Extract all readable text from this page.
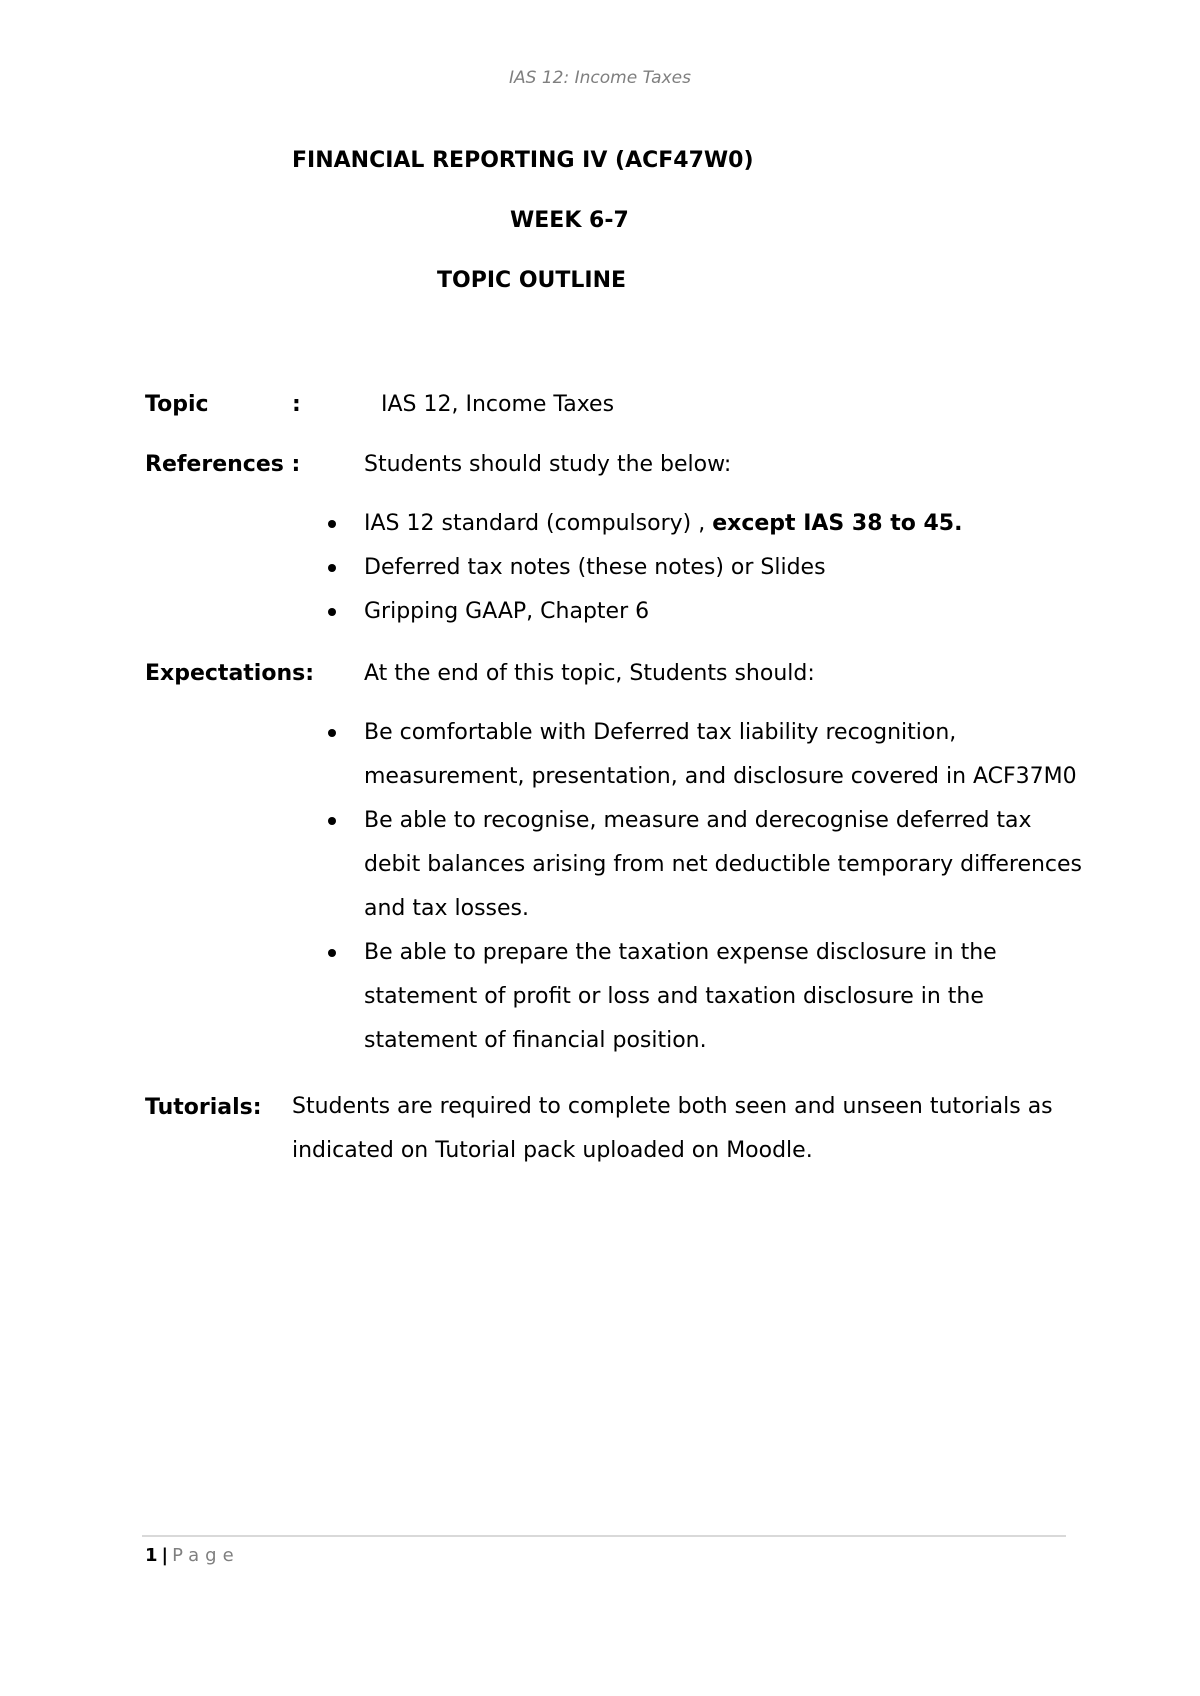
IAS 12: Income Taxes
FINANCIAL REPORTING IV (ACF47W0)
WEEK 6-7
TOPIC OUTLINE
Topic	:	IAS 12, Income Taxes
References :	Students should study the below:
IAS 12 standard (compulsory) , except IAS 38 to 45.
Deferred tax notes (these notes) or Slides
Gripping GAAP, Chapter 6
Expectations: At the end of this topic, Students should:
Be comfortable with Deferred tax liability recognition,
measurement, presentation, and disclosure covered in ACF37M0
Be able to recognise, measure and derecognise deferred tax
debit balances arising from net deductible temporary differences
and tax losses.
Be able to prepare the taxation expense disclosure in the
statement of profit or loss and taxation disclosure in the
statement of financial position.
Tutorials: Students are required to complete both seen and unseen tutorials as
indicated on Tutorial pack uploaded on Moodle.
1 | Page
